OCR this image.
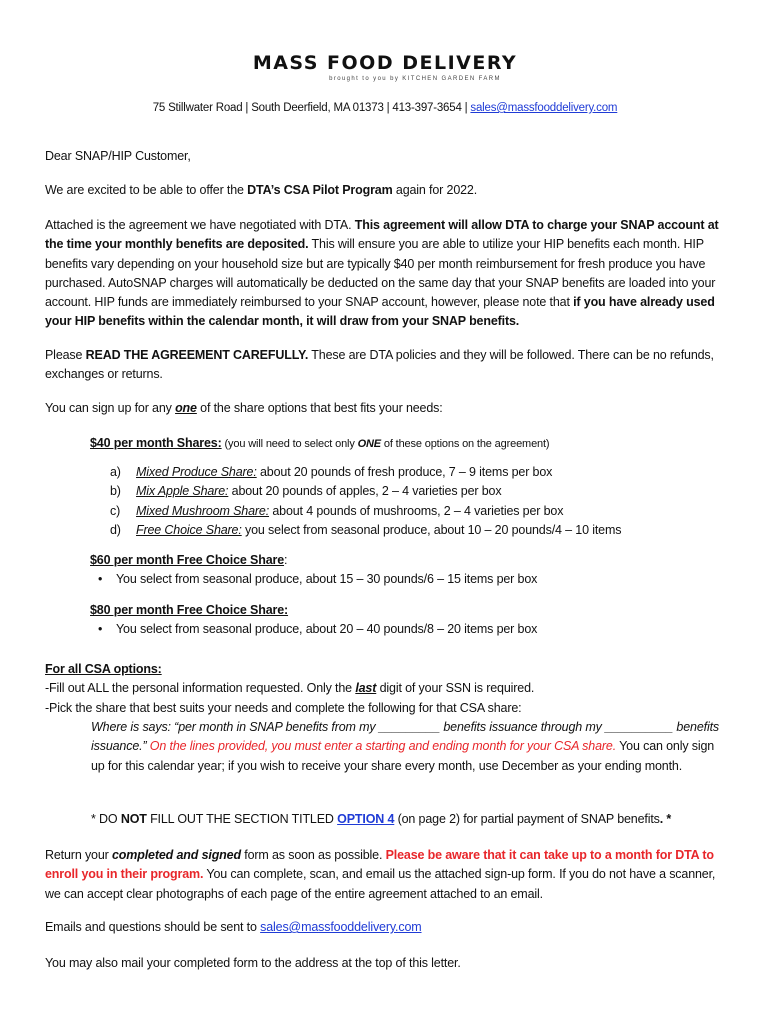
MASS FOOD DELIVERY
brought to you by KITCHEN GARDEN FARM
75 Stillwater Road | South Deerfield, MA 01373 | 413-397-3654 | sales@massfooddelivery.com

Dear SNAP/HIP Customer,

We are excited to be able to offer the DTA’s CSA Pilot Program again for 2022.

Attached is the agreement we have negotiated with DTA. This agreement will allow DTA to charge your SNAP account at the time your monthly benefits are deposited. This will ensure you are able to utilize your HIP benefits each month. HIP benefits vary depending on your household size but are typically $40 per month reimbursement for fresh produce you have purchased. AutoSNAP charges will automatically be deducted on the same day that your SNAP benefits are loaded into your account. HIP funds are immediately reimbursed to your SNAP account, however, please note that if you have already used your HIP benefits within the calendar month, it will draw from your SNAP benefits.

Please READ THE AGREEMENT CAREFULLY. These are DTA policies and they will be followed. There can be no refunds, exchanges or returns.

You can sign up for any one of the share options that best fits your needs:

$40 per month Shares: (you will need to select only ONE of these options on the agreement)

a) Mixed Produce Share: about 20 pounds of fresh produce, 7 – 9 items per box
b) Mix Apple Share: about 20 pounds of apples, 2 – 4 varieties per box
c) Mixed Mushroom Share: about 4 pounds of mushrooms, 2 – 4 varieties per box
d) Free Choice Share: you select from seasonal produce, about 10 – 20 pounds/4 – 10 items

$60 per month Free Choice Share:

• You select from seasonal produce, about 15 – 30 pounds/6 – 15 items per box

$80 per month Free Choice Share:

• You select from seasonal produce, about 20 – 40 pounds/8 – 20 items per box

For all CSA options:

-Fill out ALL the personal information requested. Only the last digit of your SSN is required.

-Pick the share that best suits your needs and complete the following for that CSA share:

Where is says: “per month in SNAP benefits from my _________ benefits issuance through my __________ benefits issuance.” On the lines provided, you must enter a starting and ending month for your CSA share. You can only sign up for this calendar year; if you wish to receive your share every month, use December as your ending month.

* DO NOT FILL OUT THE SECTION TITLED OPTION 4 (on page 2) for partial payment of SNAP benefits. *

Return your completed and signed form as soon as possible. Please be aware that it can take up to a month for DTA to enroll you in their program. You can complete, scan, and email us the attached sign-up form. If you do not have a scanner, we can accept clear photographs of each page of the entire agreement attached to an email.

Emails and questions should be sent to sales@massfooddelivery.com

You may also mail your completed form to the address at the top of this letter.
